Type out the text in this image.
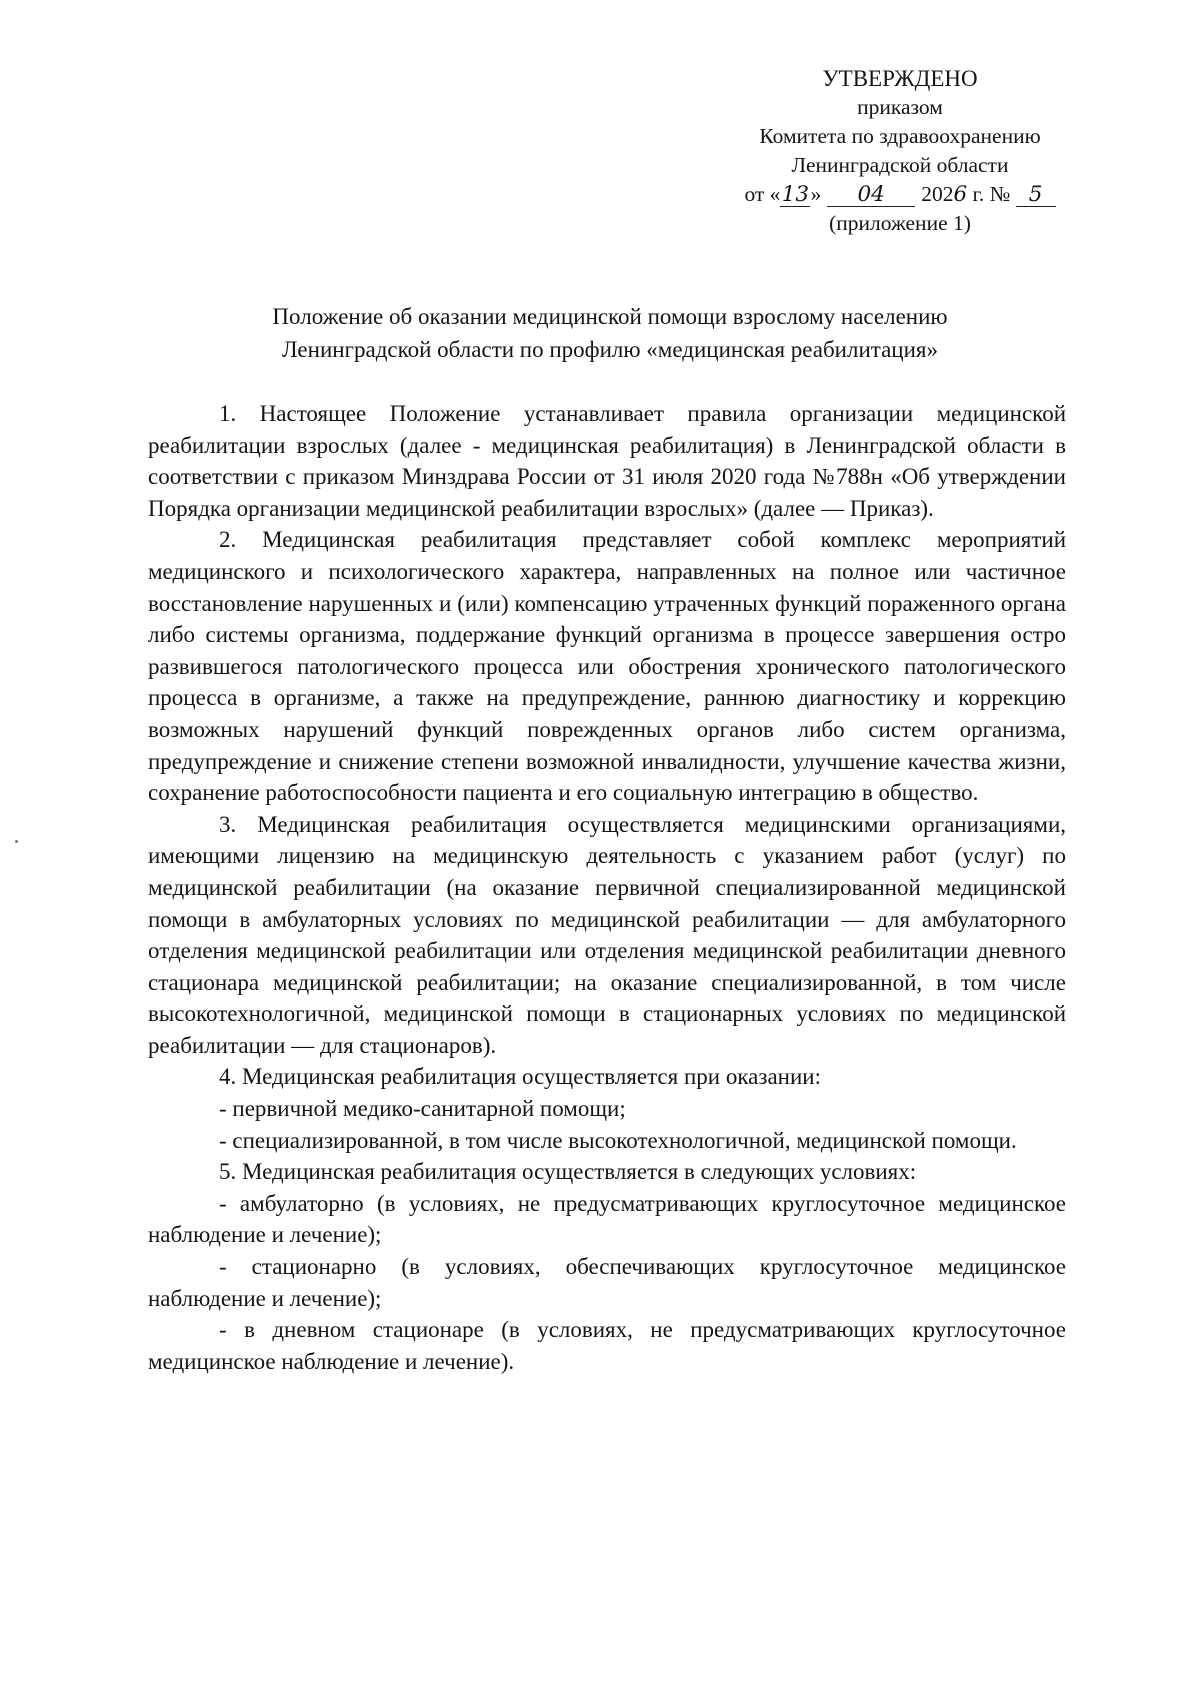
УТВЕРЖДЕНО
приказом
Комитета по здравоохранению
Ленинградской области
от «13» 04 2026 г. № 5
(приложение 1)
Положение об оказании медицинской помощи взрослому населению
Ленинградской области по профилю «медицинская реабилитация»

1. Настоящее Положение устанавливает правила организации медицинской реабилитации взрослых (далее - медицинская реабилитация) в Ленинградской области в соответствии с приказом Минздрава России от 31 июля 2020 года №788н «Об утверждении Порядка организации медицинской реабилитации взрослых» (далее — Приказ).

2. Медицинская реабилитация представляет собой комплекс мероприятий медицинского и психологического характера, направленных на полное или частичное восстановление нарушенных и (или) компенсацию утраченных функций пораженного органа либо системы организма, поддержание функций организма в процессе завершения остро развившегося патологического процесса или обострения хронического патологического процесса в организме, а также на предупреждение, раннюю диагностику и коррекцию возможных нарушений функций поврежденных органов либо систем организма, предупреждение и снижение степени возможной инвалидности, улучшение качества жизни, сохранение работоспособности пациента и его социальную интеграцию в общество.

3. Медицинская реабилитация осуществляется медицинскими организациями, имеющими лицензию на медицинскую деятельность с указанием работ (услуг) по медицинской реабилитации (на оказание первичной специализированной медицинской помощи в амбулаторных условиях по медицинской реабилитации — для амбулаторного отделения медицинской реабилитации или отделения медицинской реабилитации дневного стационара медицинской реабилитации; на оказание специализированной, в том числе высокотехнологичной, медицинской помощи в стационарных условиях по медицинской реабилитации — для стационаров).

4. Медицинская реабилитация осуществляется при оказании:

- первичной медико-санитарной помощи;

- специализированной, в том числе высокотехнологичной, медицинской помощи.

5. Медицинская реабилитация осуществляется в следующих условиях:

- амбулаторно (в условиях, не предусматривающих круглосуточное медицинское наблюдение и лечение);

- стационарно (в условиях, обеспечивающих круглосуточное медицинское наблюдение и лечение);

- в дневном стационаре (в условиях, не предусматривающих круглосуточное медицинское наблюдение и лечение).
